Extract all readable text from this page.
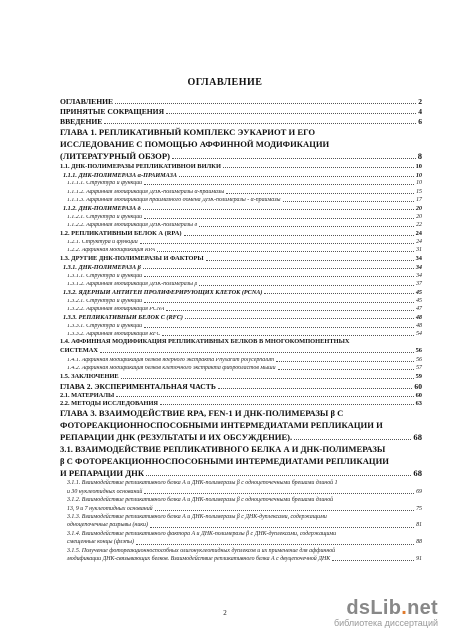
ОГЛАВЛЕНИЕ
ОГЛАВЛЕНИЕ	2
ПРИНЯТЫЕ СОКРАЩЕНИЯ	4
ВВЕДЕНИЕ	6
ГЛАВА 1. РЕПЛИКАТИВНЫЙ КОМПЛЕКС ЭУКАРИОТ И ЕГО
ИССЛЕДОВАНИЕ С ПОМОЩЬЮ АФФИННОЙ МОДИФИКАЦИИ
(ЛИТЕРАТУРНЫЙ ОБЗОР)	8
1.1. ДНК-ПОЛИМЕРАЗЫ РЕПЛИКАТИВНОЙ ВИЛКИ	10
1.1.1. ДНК-ПОЛИМЕРАЗА α-ПРАЙМАЗА	10
1.1.1.1. Структура и функции	10
1.1.1.2. Аффинная модификация ДНК-полимеразы α-праймазы	15
1.1.1.3. Аффинная модификация праймазного домена ДНК-полимеразы - α-праймазы	17
1.1.2. ДНК-ПОЛИМЕРАЗА δ	20
1.1.2.1. Структура и функции	20
1.1.2.2. Аффинная модификация ДНК-полимеразы δ	22
1.2. РЕПЛИКАТИВНЫЙ БЕЛОК А (RPA)	24
1.2.1. Структура и функции	24
1.2.2. Аффинная модификация RPA	31
1.3. ДРУГИЕ ДНК-ПОЛИМЕРАЗЫ И ФАКТОРЫ	34
1.3.1. ДНК-ПОЛИМЕРАЗА β	34
1.3.1.1. Структура и функции	34
1.3.1.2. Аффинная модификация ДНК-полимеразы β	37
1.3.2. ЯДЕРНЫЙ АНТИГЕН ПРОЛИФЕРИРУЮЩИХ КЛЕТОК (PCNA)	45
1.3.2.1. Структура и функции	45
1.3.2.2. Аффинная модификация PCNA	47
1.3.3. РЕПЛИКАТИВНЫЙ БЕЛОК С (RFC)	48
1.3.3.1. Структура и функции	48
1.3.3.2. Аффинная модификация RFC	54
1.4. АФФИННАЯ МОДИФИКАЦИЯ РЕПЛИКАТИВНЫХ БЕЛКОВ В МНОГОКОМПОНЕНТНЫХ
СИСТЕМАХ	56
1.4.1. Аффинная модификация белков ядерного экстракта Physarum polycephalum	56
1.4.2. Аффинная модификация белков клеточного экстракта фибробластов мыши	57
1.5. ЗАКЛЮЧЕНИЕ	59
ГЛАВА 2. ЭКСПЕРИМЕНТАЛЬНАЯ ЧАСТЬ	60
2.1. МАТЕРИАЛЫ	60
2.2. МЕТОДЫ ИССЛЕДОВАНИЯ	63
ГЛАВА 3. ВЗАИМОДЕЙСТВИЕ RPA, FEN-1 И ДНК-ПОЛИМЕРАЗЫ β С
ФОТОРЕАКЦИОННОСПОСОБНЫМИ ИНТЕРМЕДИАТАМИ РЕПЛИКАЦИИ И
РЕПАРАЦИИ ДНК (РЕЗУЛЬТАТЫ И ИХ ОБСУЖДЕНИЕ).	68
3.1. ВЗАИМОДЕЙСТВИЕ РЕПЛИКАТИВНОГО БЕЛКА А И ДНК-ПОЛИМЕРАЗЫ
β С ФОТОРЕАКЦИОННОСПОСОБНЫМИ ИНТЕРМЕДИАТАМИ РЕПЛИКАЦИИ
И РЕПАРАЦИИ ДНК	68
3.1.1. Взаимодействие репликативного белка А и ДНК-полимеразы β с одноцепочечными брешами длиной 1
и 30 нуклеотидных оснований	69
3.1.2. Взаимодействие репликативного белка А и ДНК-полимеразы β с одноцепочечными брешами длиной
13, 9 и 7 нуклеотидных оснований	75
3.1.3. Взаимодействие репликативного белка А и ДНК-полимеразы β с ДНК-дуплексами, содержащими
одноцепочечные разрывы (ники)	81
3.1.4. Взаимодействие репликативного фактора А и ДНК-полимеразы β с ДНК-дуплексами, содержащими
смещенные концы (флэпы)	88
3.1.5. Получение фотореакционноспособных олигонуклеотидных дуплексов и их применение для аффинной
модификации ДНК-связывающих белков. Взаимодействие репликативного белка А с двуцепочечной ДНК	91
2	dsLib.net
библиотека диссертаций
